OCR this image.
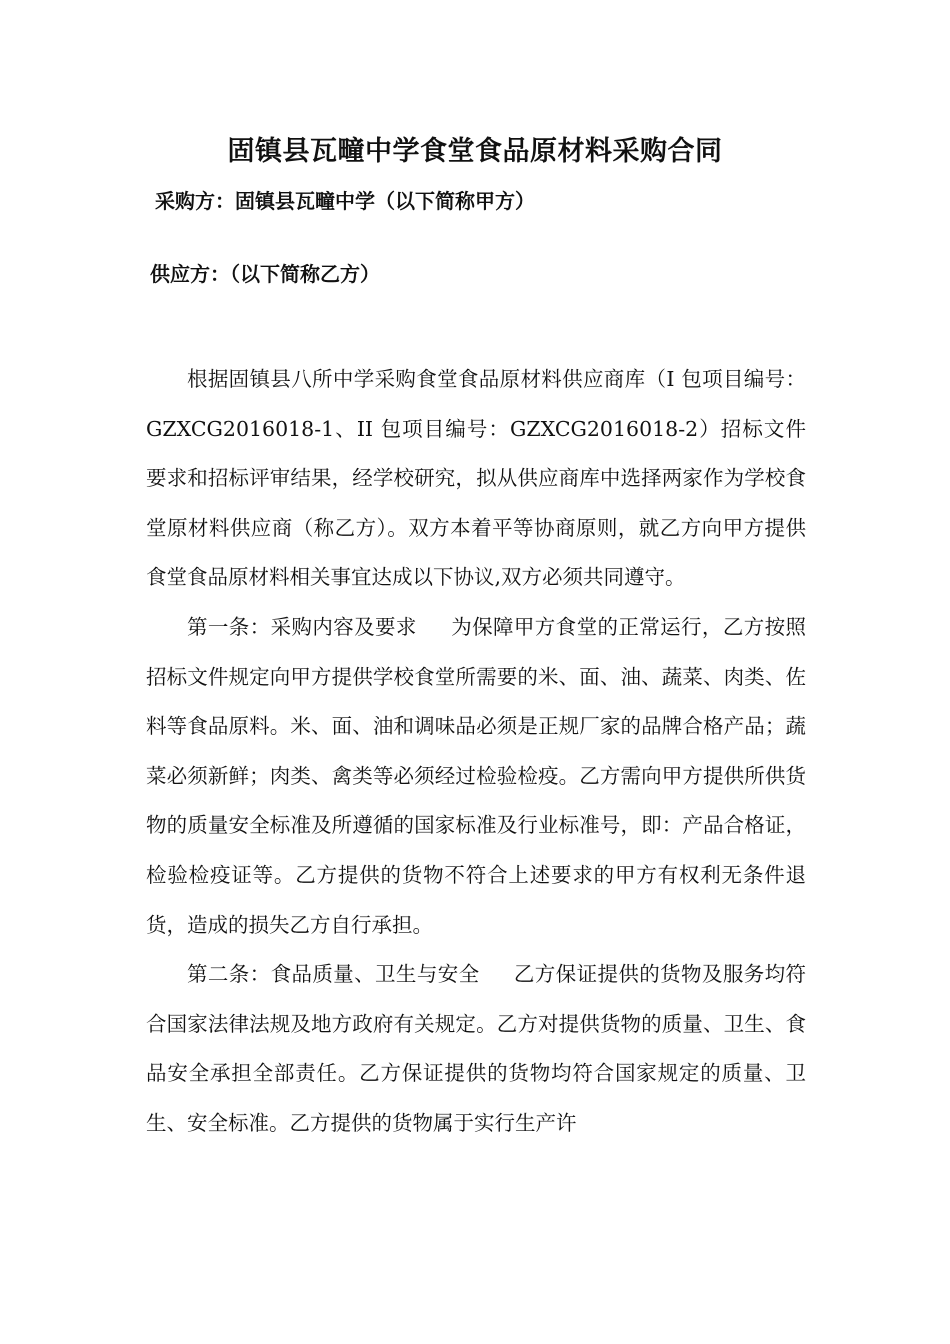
固镇县瓦疃中学食堂食品原材料采购合同
采购方：固镇县瓦疃中学（以下简称甲方）
供应方：（以下简称乙方）

根据固镇县八所中学采购食堂食品原材料供应商库（I 包项目编号：GZXCG2016018-1、II 包项目编号：GZXCG2016018-2）招标文件要求和招标评审结果，经学校研究，拟从供应商库中选择两家作为学校食堂原材料供应商（称乙方）。双方本着平等协商原则，就乙方向甲方提供食堂食品原材料相关事宜达成以下协议,双方必须共同遵守。

第一条：采购内容及要求 为保障甲方食堂的正常运行，乙方按照招标文件规定向甲方提供学校食堂所需要的米、面、油、蔬菜、肉类、佐料等食品原料。米、面、油和调味品必须是正规厂家的品牌合格产品；蔬菜必须新鲜；肉类、禽类等必须经过检验检疫。乙方需向甲方提供所供货物的质量安全标准及所遵循的国家标准及行业标准号，即：产品合格证，检验检疫证等。乙方提供的货物不符合上述要求的甲方有权利无条件退货，造成的损失乙方自行承担。

第二条：食品质量、卫生与安全 乙方保证提供的货物及服务均符合国家法律法规及地方政府有关规定。乙方对提供货物的质量、卫生、食品安全承担全部责任。乙方保证提供的货物均符合国家规定的质量、卫生、安全标准。乙方提供的货物属于实行生产许
